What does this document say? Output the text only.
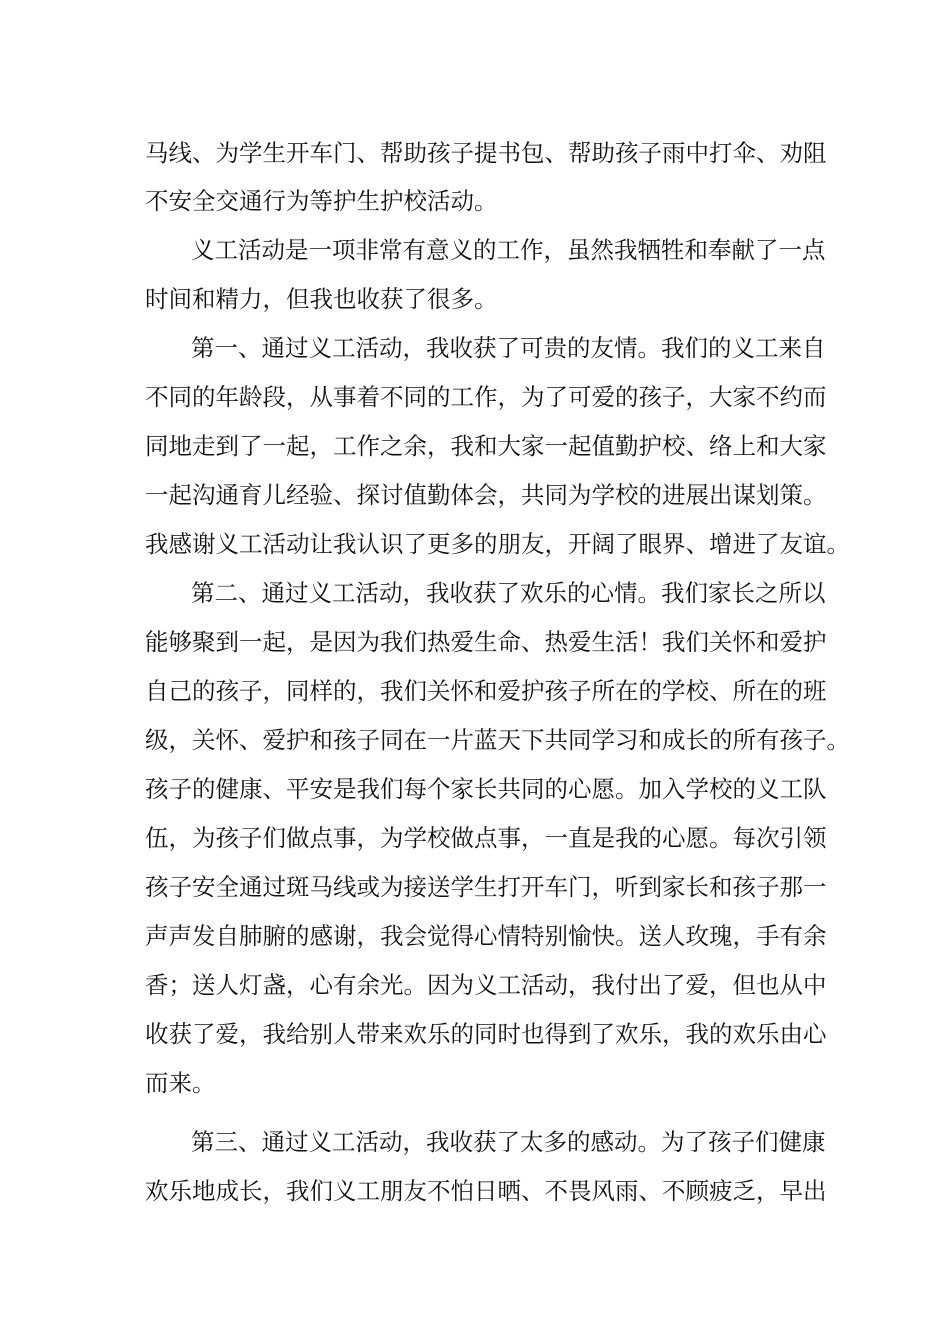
马线、为学生开车门、帮助孩子提书包、帮助孩子雨中打伞、劝阻
不安全交通行为等护生护校活动。
义工活动是一项非常有意义的工作，虽然我牺牲和奉献了一点
时间和精力，但我也收获了很多。
第一、通过义工活动，我收获了可贵的友情。我们的义工来自
不同的年龄段，从事着不同的工作，为了可爱的孩子，大家不约而
同地走到了一起，工作之余，我和大家一起值勤护校、络上和大家
一起沟通育儿经验、探讨值勤体会，共同为学校的进展出谋划策。
我感谢义工活动让我认识了更多的朋友，开阔了眼界、增进了友谊。
第二、通过义工活动，我收获了欢乐的心情。我们家长之所以
能够聚到一起，是因为我们热爱生命、热爱生活！我们关怀和爱护
自己的孩子，同样的，我们关怀和爱护孩子所在的学校、所在的班
级，关怀、爱护和孩子同在一片蓝天下共同学习和成长的所有孩子。
孩子的健康、平安是我们每个家长共同的心愿。加入学校的义工队
伍，为孩子们做点事，为学校做点事，一直是我的心愿。每次引领
孩子安全通过斑马线或为接送学生打开车门，听到家长和孩子那一
声声发自肺腑的感谢，我会觉得心情特别愉快。送人玫瑰，手有余
香；送人灯盏，心有余光。因为义工活动，我付出了爱，但也从中
收获了爱，我给别人带来欢乐的同时也得到了欢乐，我的欢乐由心
而来。
第三、通过义工活动，我收获了太多的感动。为了孩子们健康
欢乐地成长，我们义工朋友不怕日晒、不畏风雨、不顾疲乏，早出
